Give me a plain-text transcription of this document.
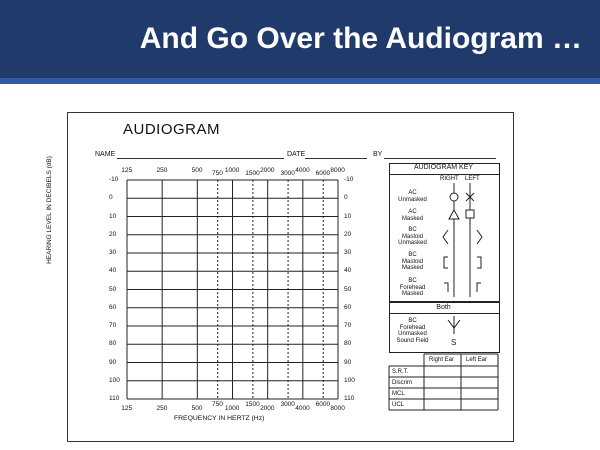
And Go Over the Audiogram …
AUDIOGRAM
NAME	DATE	BY
-10	-10
0	0
10	10
20	20
30	30
40	40
50	50
60	60
70	70
80	80
90	90
100	100
110	110
125
125
250
250
500
500
1000
1000
2000
2000
4000
4000
8000
8000
750
750
1500
1500
3000
3000
6000
6000
HEARING LEVEL IN DECIBELS (dB)
FREQUENCY IN HERTZ (Hz)
AUDIOGRAM KEY
RIGHT LEFT
AC
Unmasked
AC
Masked
BC
Mastoid
Unmasked
BC
Mastoid
Masked
BC
Forehead
Masked
S
Both
BC
Forehead
Unmasked
Sound Field
Right Ear Left Ear
S.R.T.
Discrim
MCL
UCL
